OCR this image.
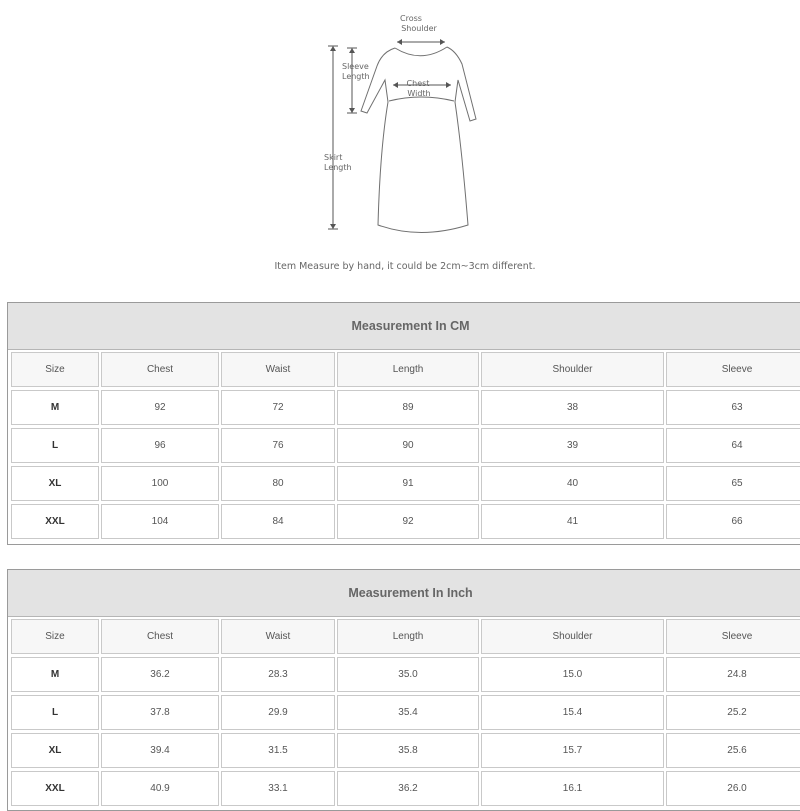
Cross
Shoulder
Sleeve
Length
Chest
Width
Skirt
Length
Item Measure by hand, it could be 2cm~3cm different.
Measurement In CM
Size	Chest	Waist	Length	Shoulder	Sleeve
M	92	72	89	38	63
L	96	76	90	39	64
XL	100	80	91	40	65
XXL	104	84	92	41	66
Measurement In Inch
Size	Chest	Waist	Length	Shoulder	Sleeve
M	36.2	28.3	35.0	15.0	24.8
L	37.8	29.9	35.4	15.4	25.2
XL	39.4	31.5	35.8	15.7	25.6
XXL	40.9	33.1	36.2	16.1	26.0
